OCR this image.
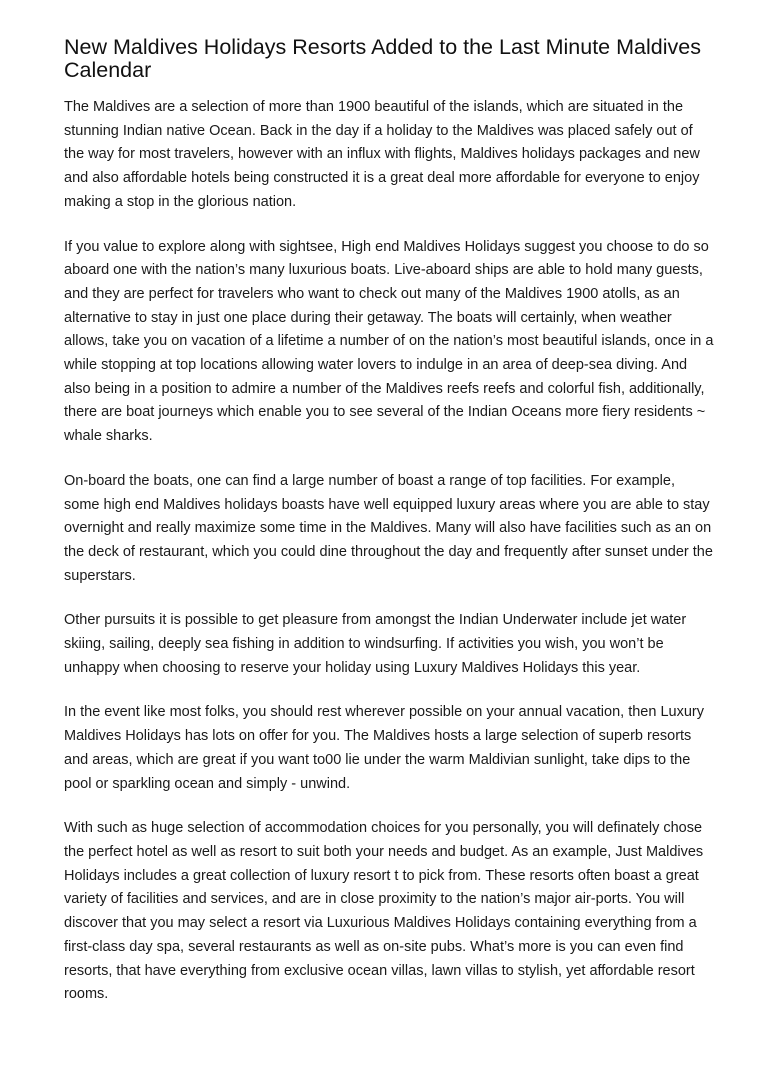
New Maldives Holidays Resorts Added to the Last Minute Maldives Calendar

The Maldives are a selection of more than 1900 beautiful of the islands, which are situated in the stunning Indian native Ocean. Back in the day if a holiday to the Maldives was placed safely out of the way for most travelers, however with an influx with flights, Maldives holidays packages and new and also affordable hotels being constructed it is a great deal more affordable for everyone to enjoy making a stop in the glorious nation.

If you value to explore along with sightsee, High end Maldives Holidays suggest you choose to do so aboard one with the nation’s many luxurious boats. Live-aboard ships are able to hold many guests, and they are perfect for travelers who want to check out many of the Maldives 1900 atolls, as an alternative to stay in just one place during their getaway. The boats will certainly, when weather allows, take you on vacation of a lifetime a number of on the nation’s most beautiful islands, once in a while stopping at top locations allowing water lovers to indulge in an area of deep-sea diving. And also being in a position to admire a number of the Maldives reefs reefs and colorful fish, additionally, there are boat journeys which enable you to see several of the Indian Oceans more fiery residents ~ whale sharks.

On-board the boats, one can find a large number of boast a range of top facilities. For example, some high end Maldives holidays boasts have well equipped luxury areas where you are able to stay overnight and really maximize some time in the Maldives. Many will also have facilities such as an on the deck of restaurant, which you could dine throughout the day and frequently after sunset under the superstars.

Other pursuits it is possible to get pleasure from amongst the Indian Underwater include jet water skiing, sailing, deeply sea fishing in addition to windsurfing. If activities you wish, you won’t be unhappy when choosing to reserve your holiday using Luxury Maldives Holidays this year.

In the event like most folks, you should rest wherever possible on your annual vacation, then Luxury Maldives Holidays has lots on offer for you. The Maldives hosts a large selection of superb resorts and areas, which are great if you want to00 lie under the warm Maldivian sunlight, take dips to the pool or sparkling ocean and simply - unwind.

With such as huge selection of accommodation choices for you personally, you will definately chose the perfect hotel as well as resort to suit both your needs and budget. As an example, Just Maldives Holidays includes a great collection of luxury resort t to pick from. These resorts often boast a great variety of facilities and services, and are in close proximity to the nation’s major air-ports. You will discover that you may select a resort via Luxurious Maldives Holidays containing everything from a first-class day spa, several restaurants as well as on-site pubs. What’s more is you can even find resorts, that have everything from exclusive ocean villas, lawn villas to stylish, yet affordable resort rooms.
